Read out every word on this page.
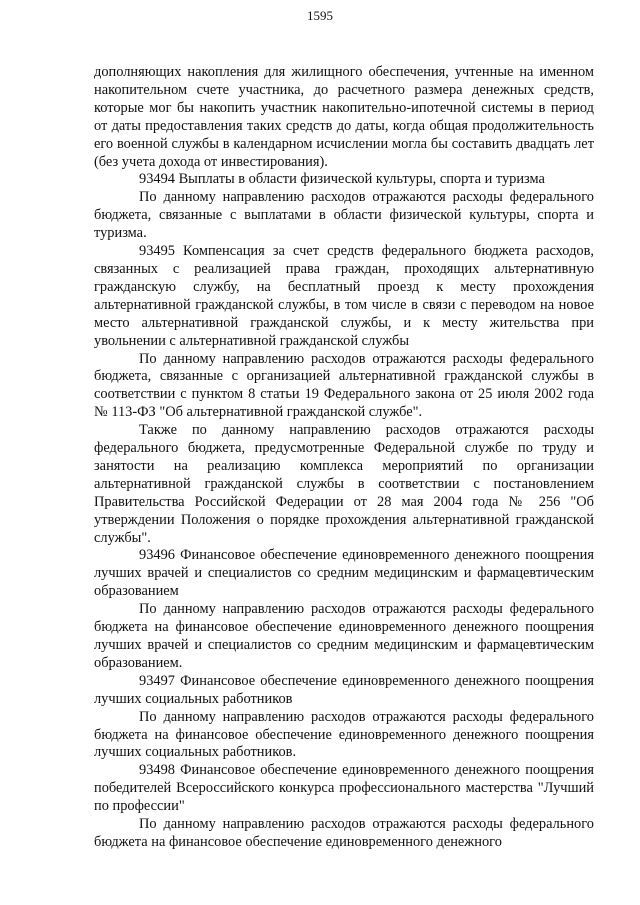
1595

дополняющих накопления для жилищного обеспечения, учтенные на именном накопительном счете участника, до расчетного размера денежных средств, которые мог бы накопить участник накопительно-ипотечной системы в период от даты предоставления таких средств до даты, когда общая продолжительность его военной службы в календарном исчислении могла бы составить двадцать лет (без учета дохода от инвестирования).

93494 Выплаты в области физической культуры, спорта и туризма

По данному направлению расходов отражаются расходы федерального бюджета, связанные с выплатами в области физической культуры, спорта и туризма.

93495 Компенсация за счет средств федерального бюджета расходов, связанных с реализацией права граждан, проходящих альтернативную гражданскую службу, на бесплатный проезд к месту прохождения альтернативной гражданской службы, в том числе в связи с переводом на новое место альтернативной гражданской службы, и к месту жительства при увольнении с альтернативной гражданской службы

По данному направлению расходов отражаются расходы федерального бюджета, связанные с организацией альтернативной гражданской службы в соответствии с пунктом 8 статьи 19 Федерального закона от 25 июля 2002 года № 113-ФЗ "Об альтернативной гражданской службе".

Также по данному направлению расходов отражаются расходы федерального бюджета, предусмотренные Федеральной службе по труду и занятости на реализацию комплекса мероприятий по организации альтернативной гражданской службы в соответствии с постановлением Правительства Российской Федерации от 28 мая 2004 года № 256 "Об утверждении Положения о порядке прохождения альтернативной гражданской службы".

93496 Финансовое обеспечение единовременного денежного поощрения лучших врачей и специалистов со средним медицинским и фармацевтическим образованием

По данному направлению расходов отражаются расходы федерального бюджета на финансовое обеспечение единовременного денежного поощрения лучших врачей и специалистов со средним медицинским и фармацевтическим образованием.

93497 Финансовое обеспечение единовременного денежного поощрения лучших социальных работников

По данному направлению расходов отражаются расходы федерального бюджета на финансовое обеспечение единовременного денежного поощрения лучших социальных работников.

93498 Финансовое обеспечение единовременного денежного поощрения победителей Всероссийского конкурса профессионального мастерства "Лучший по профессии"

По данному направлению расходов отражаются расходы федерального бюджета на финансовое обеспечение единовременного денежного
